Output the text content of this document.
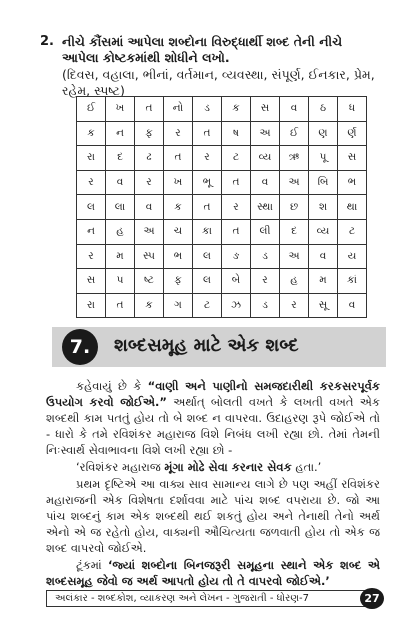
2. નીચે કૌંસમાં આપેલા શબ્દોના વિરુદ્ધાર્થી શબ્દ તેની નીચે આપેલા કોષ્ટકમાંથી શોધીને લખો.
(દિવસ, વહાલા, ભીનાં, વર્તમાન, વ્યવસ્થા, સંપૂર્ણ, ઈનકાર, પ્રેમ, રહેમ, સ્પષ્ટ)
ઈ	ખ	ત	નો	ડ	ક	સ	વ	ઠ	ધ
ક	ન	ફ	ર	ત	ષ	અ	ઈ	ણ	ર્ણ
રા	દ	ઢ	ત	ર	ટ	વ્ય	ઋ	પૂ	સ
ર	વ	ર	ખ	ભૂ	ત	વ	અ	બિ	ભ
લ	લા	વ	ક	ત	ર	સ્થા	છ	શ	થા
ન	હ	અ	ચ	કા	ત	લી	દ	વ્ય	ટ
ર	મ	સ્પ	ભ	લ	ઙ	ડ	અ	વ	ય
સ	પ	ષ્ટ	ફ	લ	બે	ર	હ	મ	કાં
રા	ત	ક	ગ	ટ	ઝ	ડ	ર	સૂ	વ
7.	શબ્દસમૂહ માટે એક શબ્દ

કહેવાયું છે કે “વાણી અને પાણીનો સમજદારીથી કરકસરપૂર્વક ઉપયોગ કરવો જોઈએ.” અર્થાત્ બોલતી વખતે કે લખતી વખતે એક શબ્દથી કામ પતતું હોય તો બે શબ્દ ન વાપરવા. ઉદાહરણ રૂપે જોઈએ તો - ધારો કે તમે રવિશંકર મહારાજ વિશે નિબંધ લખી રહ્યા છો. તેમાં તેમની નિઃસ્વાર્થ સેવાભાવના વિશે લખી રહ્યા છો -

‘રવિશંકર મહારાજ મૂંગા મોઢે સેવા કરનાર સેવક હતા.’

પ્રથમ દૃષ્ટિએ આ વાક્ય સાવ સામાન્ય લાગે છે પણ અહીં રવિશંકર મહારાજની એક વિશેષતા દર્શાવવા માટે પાંચ શબ્દ વપરાયા છે. જો આ પાંચ શબ્દનું કામ એક શબ્દથી થઈ શકતું હોય અને તેનાથી તેનો અર્થ એનો એ જ રહેતો હોય, વાક્યની ઔચિત્યતા જળવાતી હોય તો એક જ શબ્દ વાપરવો જોઈએ.

ટૂંકમાં ‘જ્યાં શબ્દોના બિનજરૂરી સમૂહના સ્થાને એક શબ્દ એ શબ્દસમૂહ જેવો જ અર્થ આપતો હોય તો તે વાપરવો જોઈએ.’

અલંકાર - શબ્દકોશ, વ્યાકરણ અને લેખન - ગુજરાતી - ધોરણ-7	27
